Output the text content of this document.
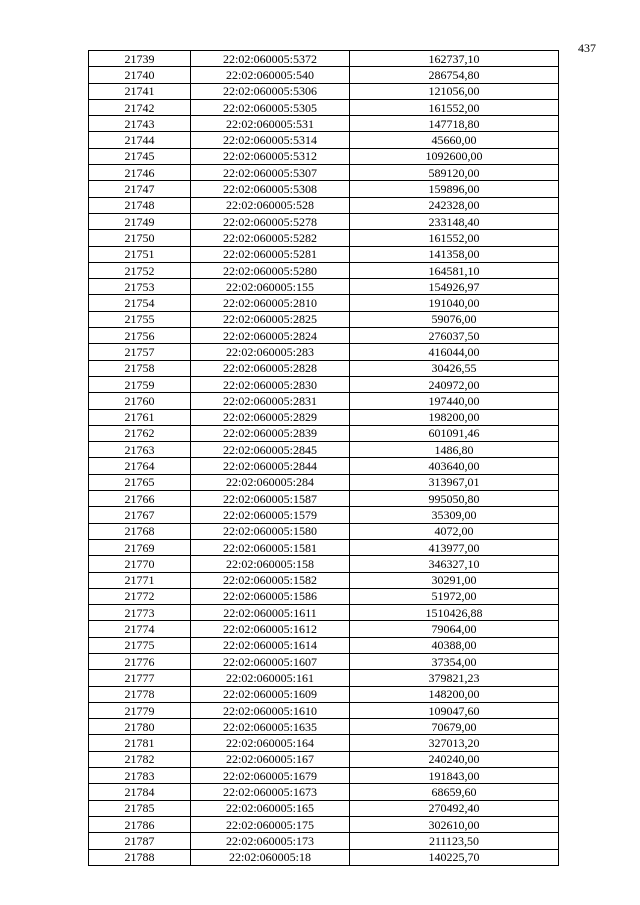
437
21739	22:02:060005:5372	162737,10
21740	22:02:060005:540	286754,80
21741	22:02:060005:5306	121056,00
21742	22:02:060005:5305	161552,00
21743	22:02:060005:531	147718,80
21744	22:02:060005:5314	45660,00
21745	22:02:060005:5312	1092600,00
21746	22:02:060005:5307	589120,00
21747	22:02:060005:5308	159896,00
21748	22:02:060005:528	242328,00
21749	22:02:060005:5278	233148,40
21750	22:02:060005:5282	161552,00
21751	22:02:060005:5281	141358,00
21752	22:02:060005:5280	164581,10
21753	22:02:060005:155	154926,97
21754	22:02:060005:2810	191040,00
21755	22:02:060005:2825	59076,00
21756	22:02:060005:2824	276037,50
21757	22:02:060005:283	416044,00
21758	22:02:060005:2828	30426,55
21759	22:02:060005:2830	240972,00
21760	22:02:060005:2831	197440,00
21761	22:02:060005:2829	198200,00
21762	22:02:060005:2839	601091,46
21763	22:02:060005:2845	1486,80
21764	22:02:060005:2844	403640,00
21765	22:02:060005:284	313967,01
21766	22:02:060005:1587	995050,80
21767	22:02:060005:1579	35309,00
21768	22:02:060005:1580	4072,00
21769	22:02:060005:1581	413977,00
21770	22:02:060005:158	346327,10
21771	22:02:060005:1582	30291,00
21772	22:02:060005:1586	51972,00
21773	22:02:060005:1611	1510426,88
21774	22:02:060005:1612	79064,00
21775	22:02:060005:1614	40388,00
21776	22:02:060005:1607	37354,00
21777	22:02:060005:161	379821,23
21778	22:02:060005:1609	148200,00
21779	22:02:060005:1610	109047,60
21780	22:02:060005:1635	70679,00
21781	22:02:060005:164	327013,20
21782	22:02:060005:167	240240,00
21783	22:02:060005:1679	191843,00
21784	22:02:060005:1673	68659,60
21785	22:02:060005:165	270492,40
21786	22:02:060005:175	302610,00
21787	22:02:060005:173	211123,50
21788	22:02:060005:18	140225,70
